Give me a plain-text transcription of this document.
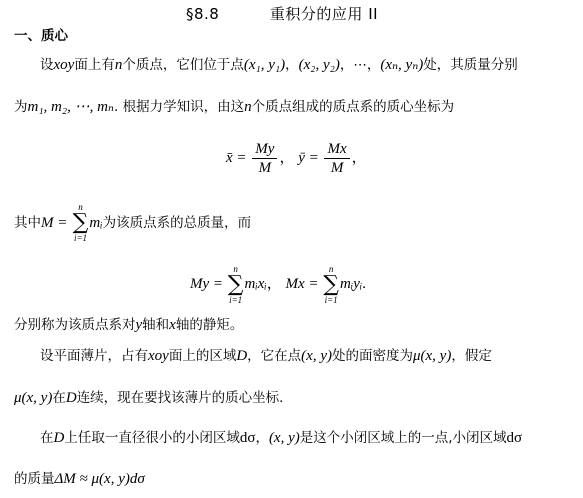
§8.8	重积分的应用 II
一、质心
设xoy面上有n个质点，它们位于点(x₁, y₁)，(x₂, y₂)，⋯，(xₙ, yₙ)处，其质量分别
为m₁, m₂, ⋯, mₙ. 根据力学知识，由这n个质点组成的质点系的质心坐标为
x̄ = $\frac{My}{M}$ ， ȳ = $\frac{Mx}{M}$ ，
其中M =
n
∑
i=1
mᵢ为该质点系的总质量，而
My =
n
∑
i=1
mᵢxᵢ， Mx =
n
∑
i=1
mᵢyᵢ.
分别称为该质点系对y轴和x轴的静矩。
设平面薄片，占有xoy面上的区域D，它在点(x, y)处的面密度为μ(x, y)，假定
μ(x, y)在D连续，现在要找该薄片的质心坐标.
在D上任取一直径很小的小闭区域dσ，(x, y)是这个小闭区域上的一点,小闭区域dσ
的质量ΔM ≈ μ(x, y)dσ
